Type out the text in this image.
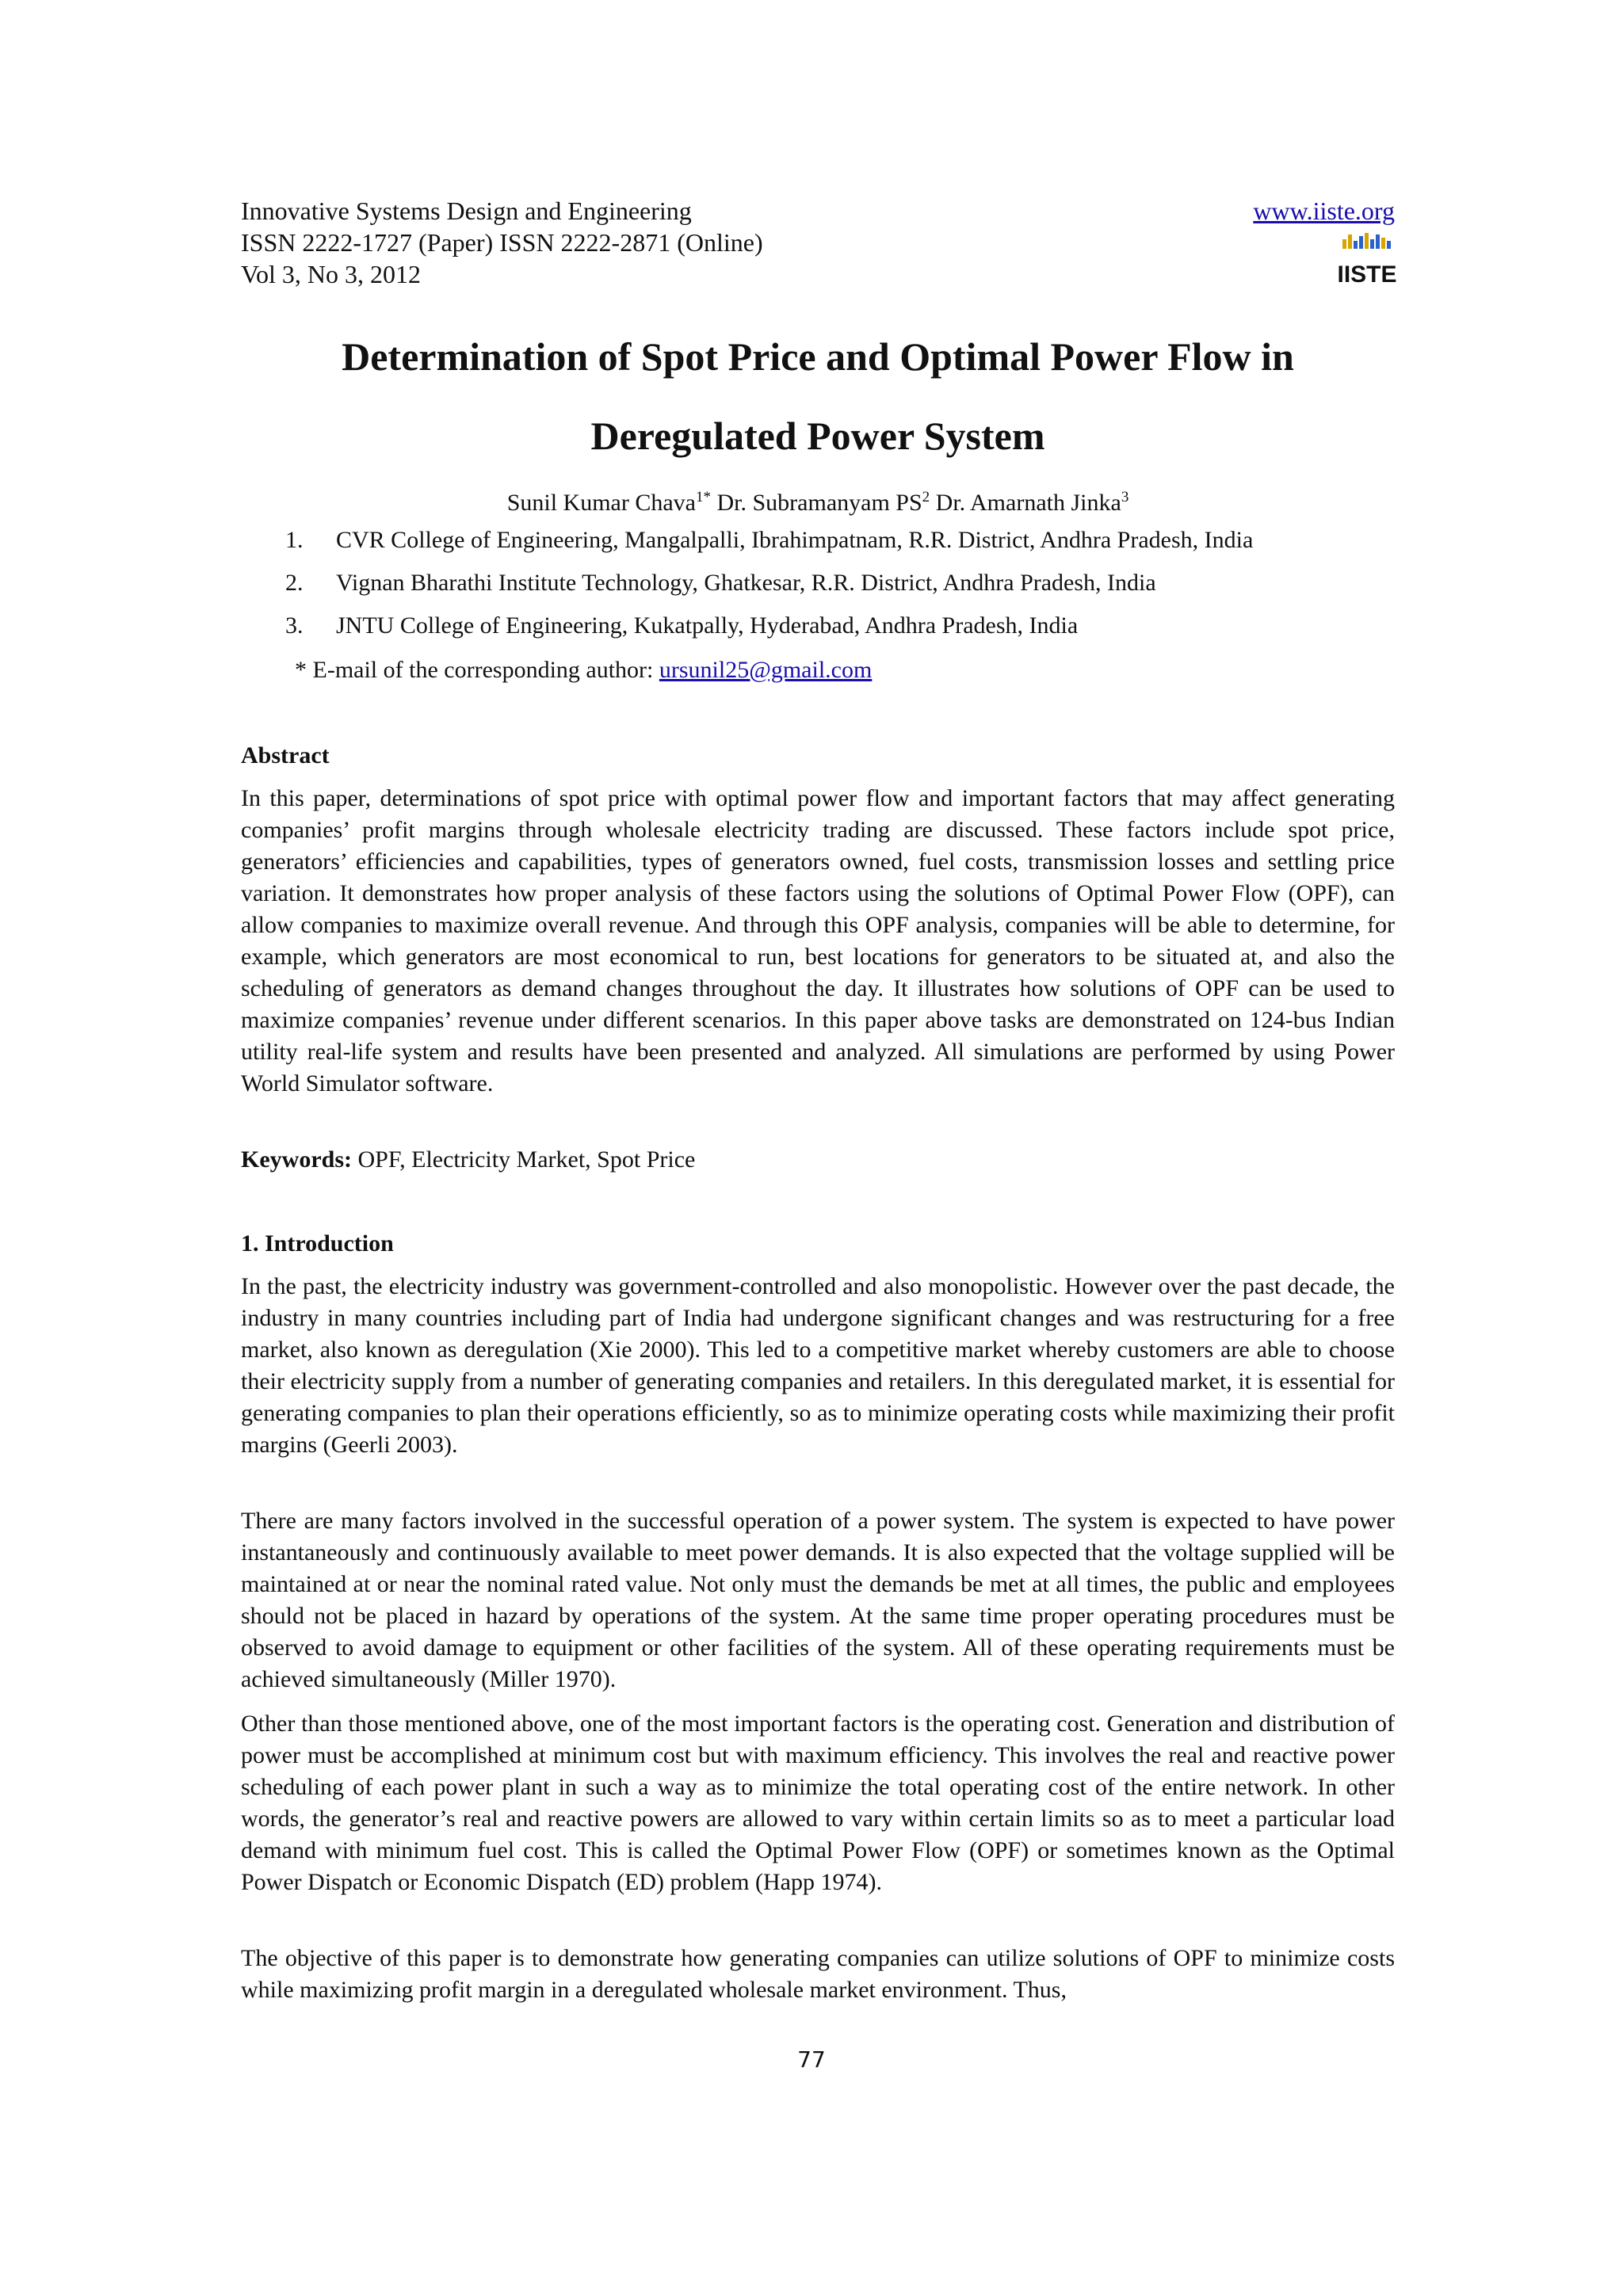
Innovative Systems Design and Engineering
ISSN 2222-1727 (Paper) ISSN 2222-2871 (Online)
Vol 3, No 3, 2012
www.iiste.org
IISTE
Determination of Spot Price and Optimal Power Flow in
Deregulated Power System
Sunil Kumar Chava$^{1*}$ Dr. Subramanyam $PS^2$ Dr. Amarnath Jinka$^3$
1. CVR College of Engineering, Mangalpalli, Ibrahimpatnam, R.R. District, Andhra Pradesh, India
2. Vignan Bharathi Institute Technology, Ghatkesar, R.R. District, Andhra Pradesh, India
3. JNTU College of Engineering, Kukatpally, Hyderabad, Andhra Pradesh, India
* E-mail of the corresponding author: ursunil25@gmail.com
Abstract

In this paper, determinations of spot price with optimal power flow and important factors that may affect generating companies’ profit margins through wholesale electricity trading are discussed. These factors include spot price, generators’ efficiencies and capabilities, types of generators owned, fuel costs, transmission losses and settling price variation. It demonstrates how proper analysis of these factors using the solutions of Optimal Power Flow (OPF), can allow companies to maximize overall revenue. And through this OPF analysis, companies will be able to determine, for example, which generators are most economical to run, best locations for generators to be situated at, and also the scheduling of generators as demand changes throughout the day. It illustrates how solutions of OPF can be used to maximize companies’ revenue under different scenarios. In this paper above tasks are demonstrated on 124-bus Indian utility real-life system and results have been presented and analyzed. All simulations are performed by using Power World Simulator software.

Keywords: OPF, Electricity Market, Spot Price
1. Introduction

In the past, the electricity industry was government-controlled and also monopolistic. However over the past decade, the industry in many countries including part of India had undergone significant changes and was restructuring for a free market, also known as deregulation (Xie 2000). This led to a competitive market whereby customers are able to choose their electricity supply from a number of generating companies and retailers. In this deregulated market, it is essential for generating companies to plan their operations efficiently, so as to minimize operating costs while maximizing their profit margins (Geerli 2003).

There are many factors involved in the successful operation of a power system. The system is expected to have power instantaneously and continuously available to meet power demands. It is also expected that the voltage supplied will be maintained at or near the nominal rated value. Not only must the demands be met at all times, the public and employees should not be placed in hazard by operations of the system. At the same time proper operating procedures must be observed to avoid damage to equipment or other facilities of the system. All of these operating requirements must be achieved simultaneously (Miller 1970).

Other than those mentioned above, one of the most important factors is the operating cost. Generation and distribution of power must be accomplished at minimum cost but with maximum efficiency. This involves the real and reactive power scheduling of each power plant in such a way as to minimize the total operating cost of the entire network. In other words, the generator’s real and reactive powers are allowed to vary within certain limits so as to meet a particular load demand with minimum fuel cost. This is called the Optimal Power Flow (OPF) or sometimes known as the Optimal Power Dispatch or Economic Dispatch (ED) problem (Happ 1974).

The objective of this paper is to demonstrate how generating companies can utilize solutions of OPF to minimize costs while maximizing profit margin in a deregulated wholesale market environment. Thus,

77
